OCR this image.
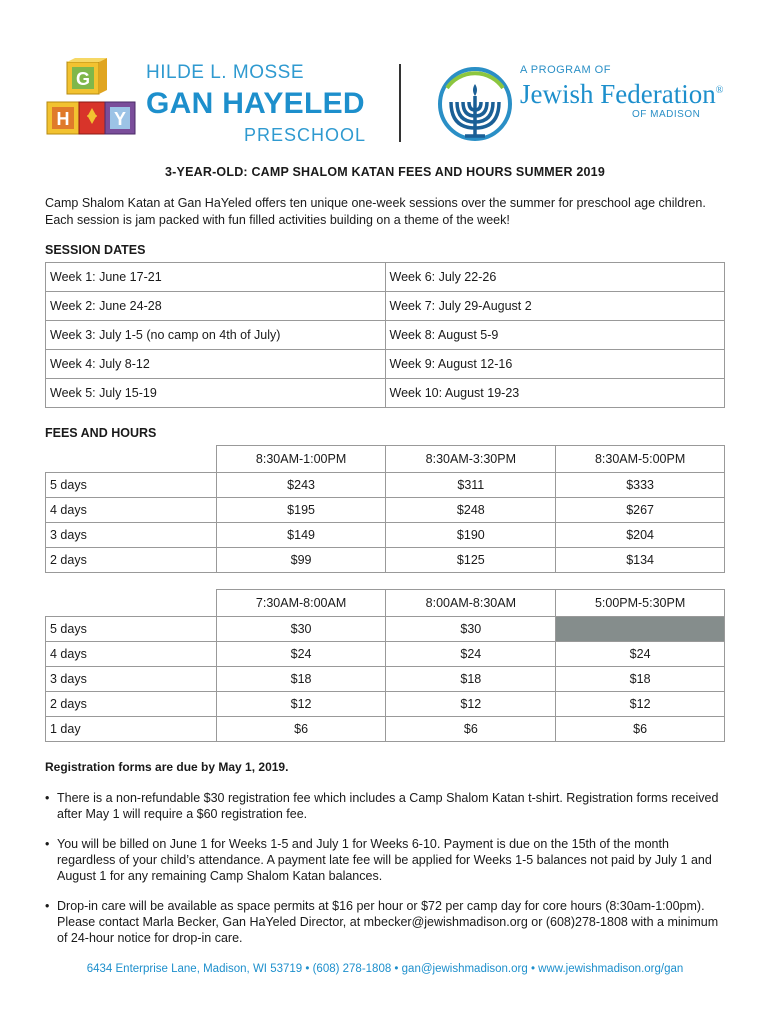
G
H Y
HILDE L. MOSSE
GAN HAYELED
PRESCHOOL
A PROGRAM OF
Jewish Federation®
OF MADISON
3-YEAR-OLD: CAMP SHALOM KATAN FEES AND HOURS SUMMER 2019
Camp Shalom Katan at Gan HaYeled offers ten unique one-week sessions over the summer for preschool age children. Each session is jam packed with fun filled activities building on a theme of the week!
SESSION DATES
Week 1: June 17-21	Week 6: July 22-26
Week 2: June 24-28	Week 7: July 29-August 2
Week 3: July 1-5 (no camp on 4th of July)	Week 8: August 5-9
Week 4: July 8-12	Week 9: August 12-16
Week 5: July 15-19	Week 10: August 19-23
FEES AND HOURS
	8:30AM-1:00PM	8:30AM-3:30PM	8:30AM-5:00PM
5 days	$243	$311	$333
4 days	$195	$248	$267
3 days	$149	$190	$204
2 days	$99	$125	$134
	7:30AM-8:00AM	8:00AM-8:30AM	5:00PM-5:30PM
5 days	$30	$30	
4 days	$24	$24	$24
3 days	$18	$18	$18
2 days	$12	$12	$12
1 day	$6	$6	$6
Registration forms are due by May 1, 2019.
• There is a non-refundable $30 registration fee which includes a Camp Shalom Katan t-shirt. Registration forms received after May 1 will require a $60 registration fee.
• You will be billed on June 1 for Weeks 1-5 and July 1 for Weeks 6-10. Payment is due on the 15th of the month regardless of your child’s attendance. A payment late fee will be applied for Weeks 1-5 balances not paid by July 1 and August 1 for any remaining Camp Shalom Katan balances.
• Drop-in care will be available as space permits at $16 per hour or $72 per camp day for core hours (8:30am-1:00pm). Please contact Marla Becker, Gan HaYeled Director, at mbecker@jewishmadison.org or (608)278-1808 with a minimum of 24-hour notice for drop-in care.
6434 Enterprise Lane, Madison, WI 53719 • (608) 278-1808 • gan@jewishmadison.org • www.jewishmadison.org/gan
